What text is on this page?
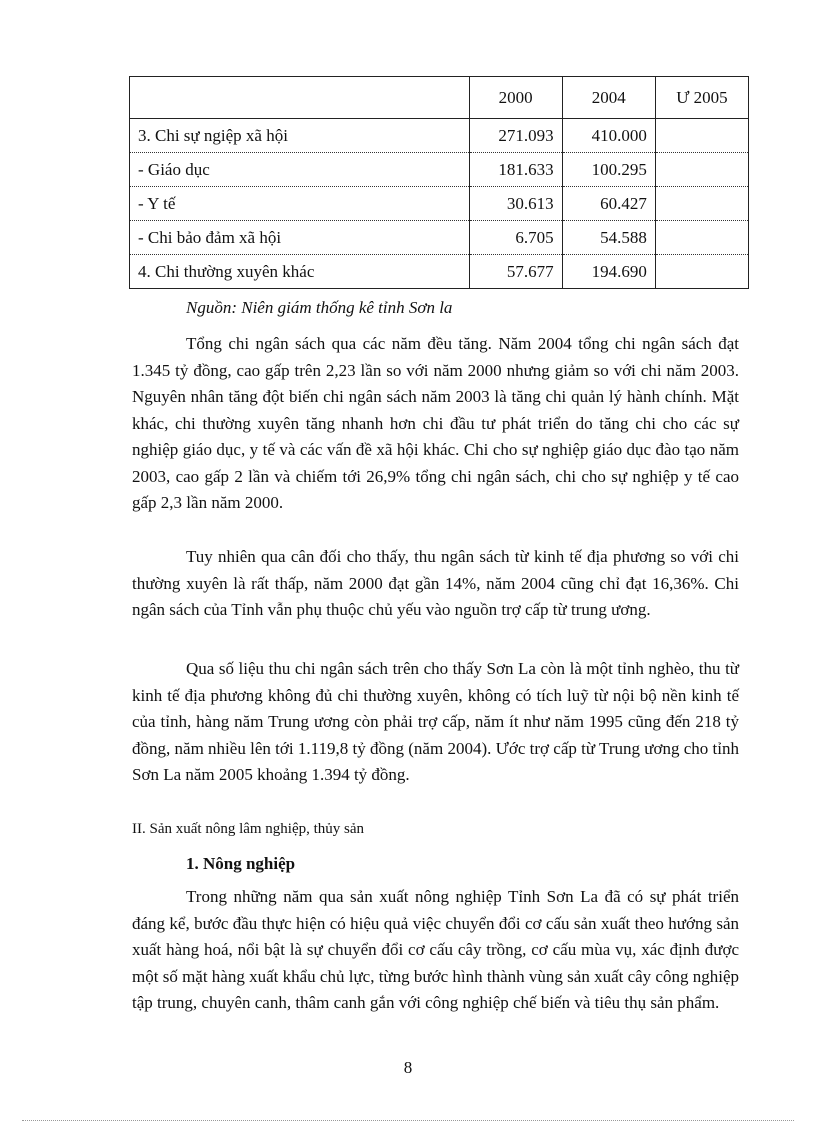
	2000	2004	Ư 2005
3. Chi sự ngiệp xã hội	271.093	410.000	
- Giáo dục	181.633	100.295	
- Y tế	30.613	60.427	
- Chi bảo đảm xã hội	6.705	54.588	
4. Chi thường xuyên khác	57.677	194.690	
Nguồn: Niên giám thống kê tỉnh Sơn la

Tổng chi ngân sách qua các năm đều tăng. Năm 2004 tổng chi ngân sách đạt 1.345 tỷ đồng, cao gấp trên 2,23 lần so với năm 2000 nhưng giảm so với chi năm 2003. Nguyên nhân tăng đột biến chi ngân sách năm 2003 là tăng chi quản lý hành chính. Mặt khác, chi thường xuyên tăng nhanh hơn chi đầu tư phát triển do tăng chi cho các sự nghiệp giáo dục, y tế và các vấn đề xã hội khác. Chi cho sự nghiệp giáo dục đào tạo năm 2003, cao gấp 2 lần và chiếm tới 26,9% tổng chi ngân sách, chi cho sự nghiệp y tế cao gấp 2,3 lần năm 2000.

Tuy nhiên qua cân đối cho thấy, thu ngân sách từ kinh tế địa phương so với chi thường xuyên là rất thấp, năm 2000 đạt gần 14%, năm 2004 cũng chỉ đạt 16,36%. Chi ngân sách của Tỉnh vẫn phụ thuộc chủ yếu vào nguồn trợ cấp từ trung ương.

Qua số liệu thu chi ngân sách trên cho thấy Sơn La còn là một tỉnh nghèo, thu từ kinh tế địa phương không đủ chi thường xuyên, không có tích luỹ từ nội bộ nền kinh tế của tỉnh, hàng năm Trung ương còn phải trợ cấp, năm ít như năm 1995 cũng đến 218 tỷ đồng, năm nhiều lên tới 1.119,8 tỷ đồng (năm 2004). Ước trợ cấp từ Trung ương cho tỉnh Sơn La năm 2005 khoảng 1.394 tỷ đồng.

II. Sản xuất nông lâm nghiệp, thủy sản
1. Nông nghiệp

Trong những năm qua sản xuất nông nghiệp Tỉnh Sơn La đã có sự phát triển đáng kể, bước đầu thực hiện có hiệu quả việc chuyển đổi cơ cấu sản xuất theo hướng sản xuất hàng hoá, nổi bật là sự chuyển đổi cơ cấu cây trồng, cơ cấu mùa vụ, xác định được một số mặt hàng xuất khẩu chủ lực, từng bước hình thành vùng sản xuất cây công nghiệp tập trung, chuyên canh, thâm canh gắn với công nghiệp chế biến và tiêu thụ sản phẩm.

8
